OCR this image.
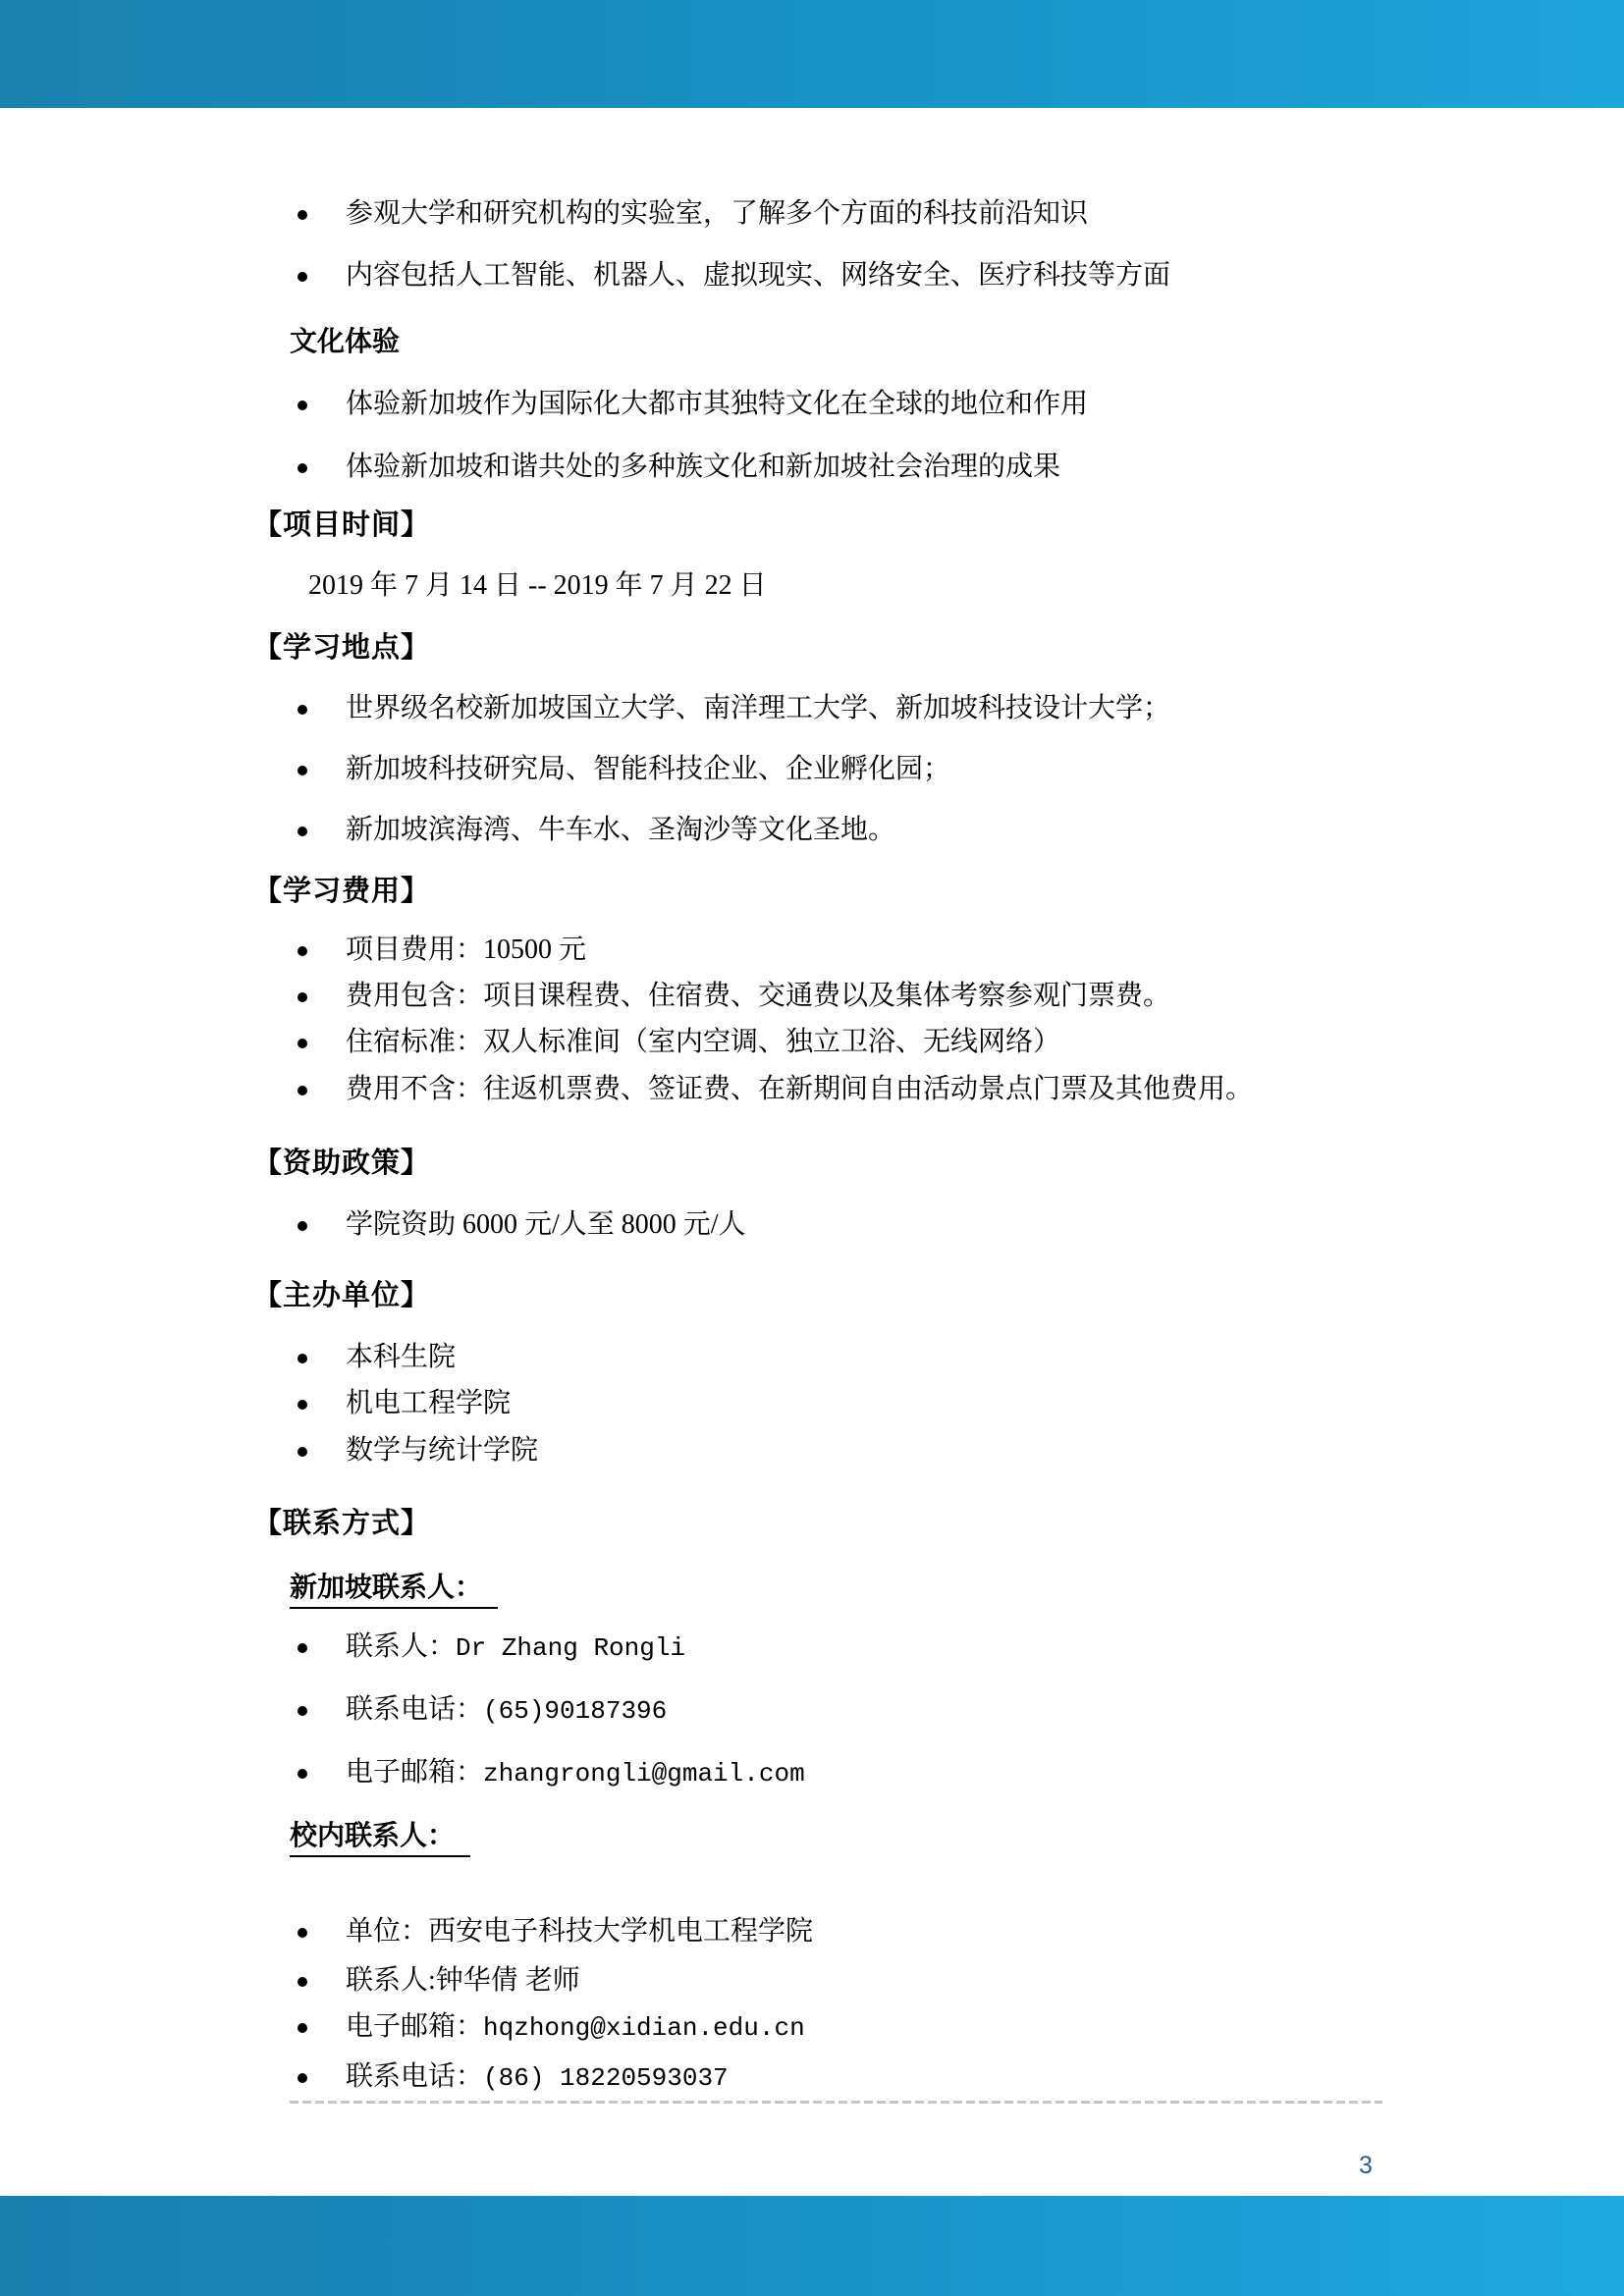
参观大学和研究机构的实验室，了解多个方面的科技前沿知识
内容包括人工智能、机器人、虚拟现实、网络安全、医疗科技等方面
文化体验
体验新加坡作为国际化大都市其独特文化在全球的地位和作用
体验新加坡和谐共处的多种族文化和新加坡社会治理的成果
【项目时间】
2019 年 7 月 14 日 -- 2019 年 7 月 22 日
【学习地点】
世界级名校新加坡国立大学、南洋理工大学、新加坡科技设计大学；
新加坡科技研究局、智能科技企业、企业孵化园；
新加坡滨海湾、牛车水、圣淘沙等文化圣地。
【学习费用】
项目费用：10500 元
费用包含：项目课程费、住宿费、交通费以及集体考察参观门票费。
住宿标准：双人标准间（室内空调、独立卫浴、无线网络）
费用不含：往返机票费、签证费、在新期间自由活动景点门票及其他费用。
【资助政策】
学院资助 6000 元/人至 8000 元/人
【主办单位】
本科生院
机电工程学院
数学与统计学院
【联系方式】
新加坡联系人：
联系人：Dr Zhang Rongli
联系电话：(65)90187396
电子邮箱：zhangrongli@gmail.com
校内联系人：
单位：西安电子科技大学机电工程学院
联系人:钟华倩 老师
电子邮箱：hqzhong@xidian.edu.cn
联系电话：(86) 18220593037
3
